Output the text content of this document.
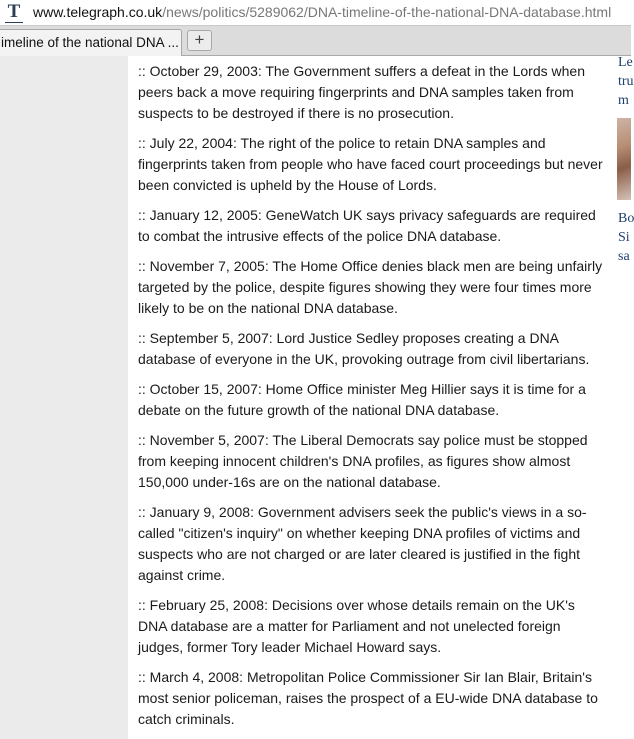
T www.telegraph.co.uk/news/politics/5289062/DNA-timeline-of-the-national-DNA-database.html
imeline of the national DNA ... +

:: October 29, 2003: The Government suffers a defeat in the Lords when peers back a move requiring fingerprints and DNA samples taken from suspects to be destroyed if there is no prosecution.

:: July 22, 2004: The right of the police to retain DNA samples and fingerprints taken from people who have faced court proceedings but never been convicted is upheld by the House of Lords.

:: January 12, 2005: GeneWatch UK says privacy safeguards are required to combat the intrusive effects of the police DNA database.

:: November 7, 2005: The Home Office denies black men are being unfairly targeted by the police, despite figures showing they were four times more likely to be on the national DNA database.

:: September 5, 2007: Lord Justice Sedley proposes creating a DNA database of everyone in the UK, provoking outrage from civil libertarians.

:: October 15, 2007: Home Office minister Meg Hillier says it is time for a debate on the future growth of the national DNA database.

:: November 5, 2007: The Liberal Democrats say police must be stopped from keeping innocent children's DNA profiles, as figures show almost 150,000 under-16s are on the national database.

:: January 9, 2008: Government advisers seek the public's views in a so-called "citizen's inquiry" on whether keeping DNA profiles of victims and suspects who are not charged or are later cleared is justified in the fight against crime.

:: February 25, 2008: Decisions over whose details remain on the UK's DNA database are a matter for Parliament and not unelected foreign judges, former Tory leader Michael Howard says.

:: March 4, 2008: Metropolitan Police Commissioner Sir Ian Blair, Britain's most senior policeman, raises the prospect of a EU-wide DNA database to catch criminals.

Le
tru
m
Bo
Si
sa
